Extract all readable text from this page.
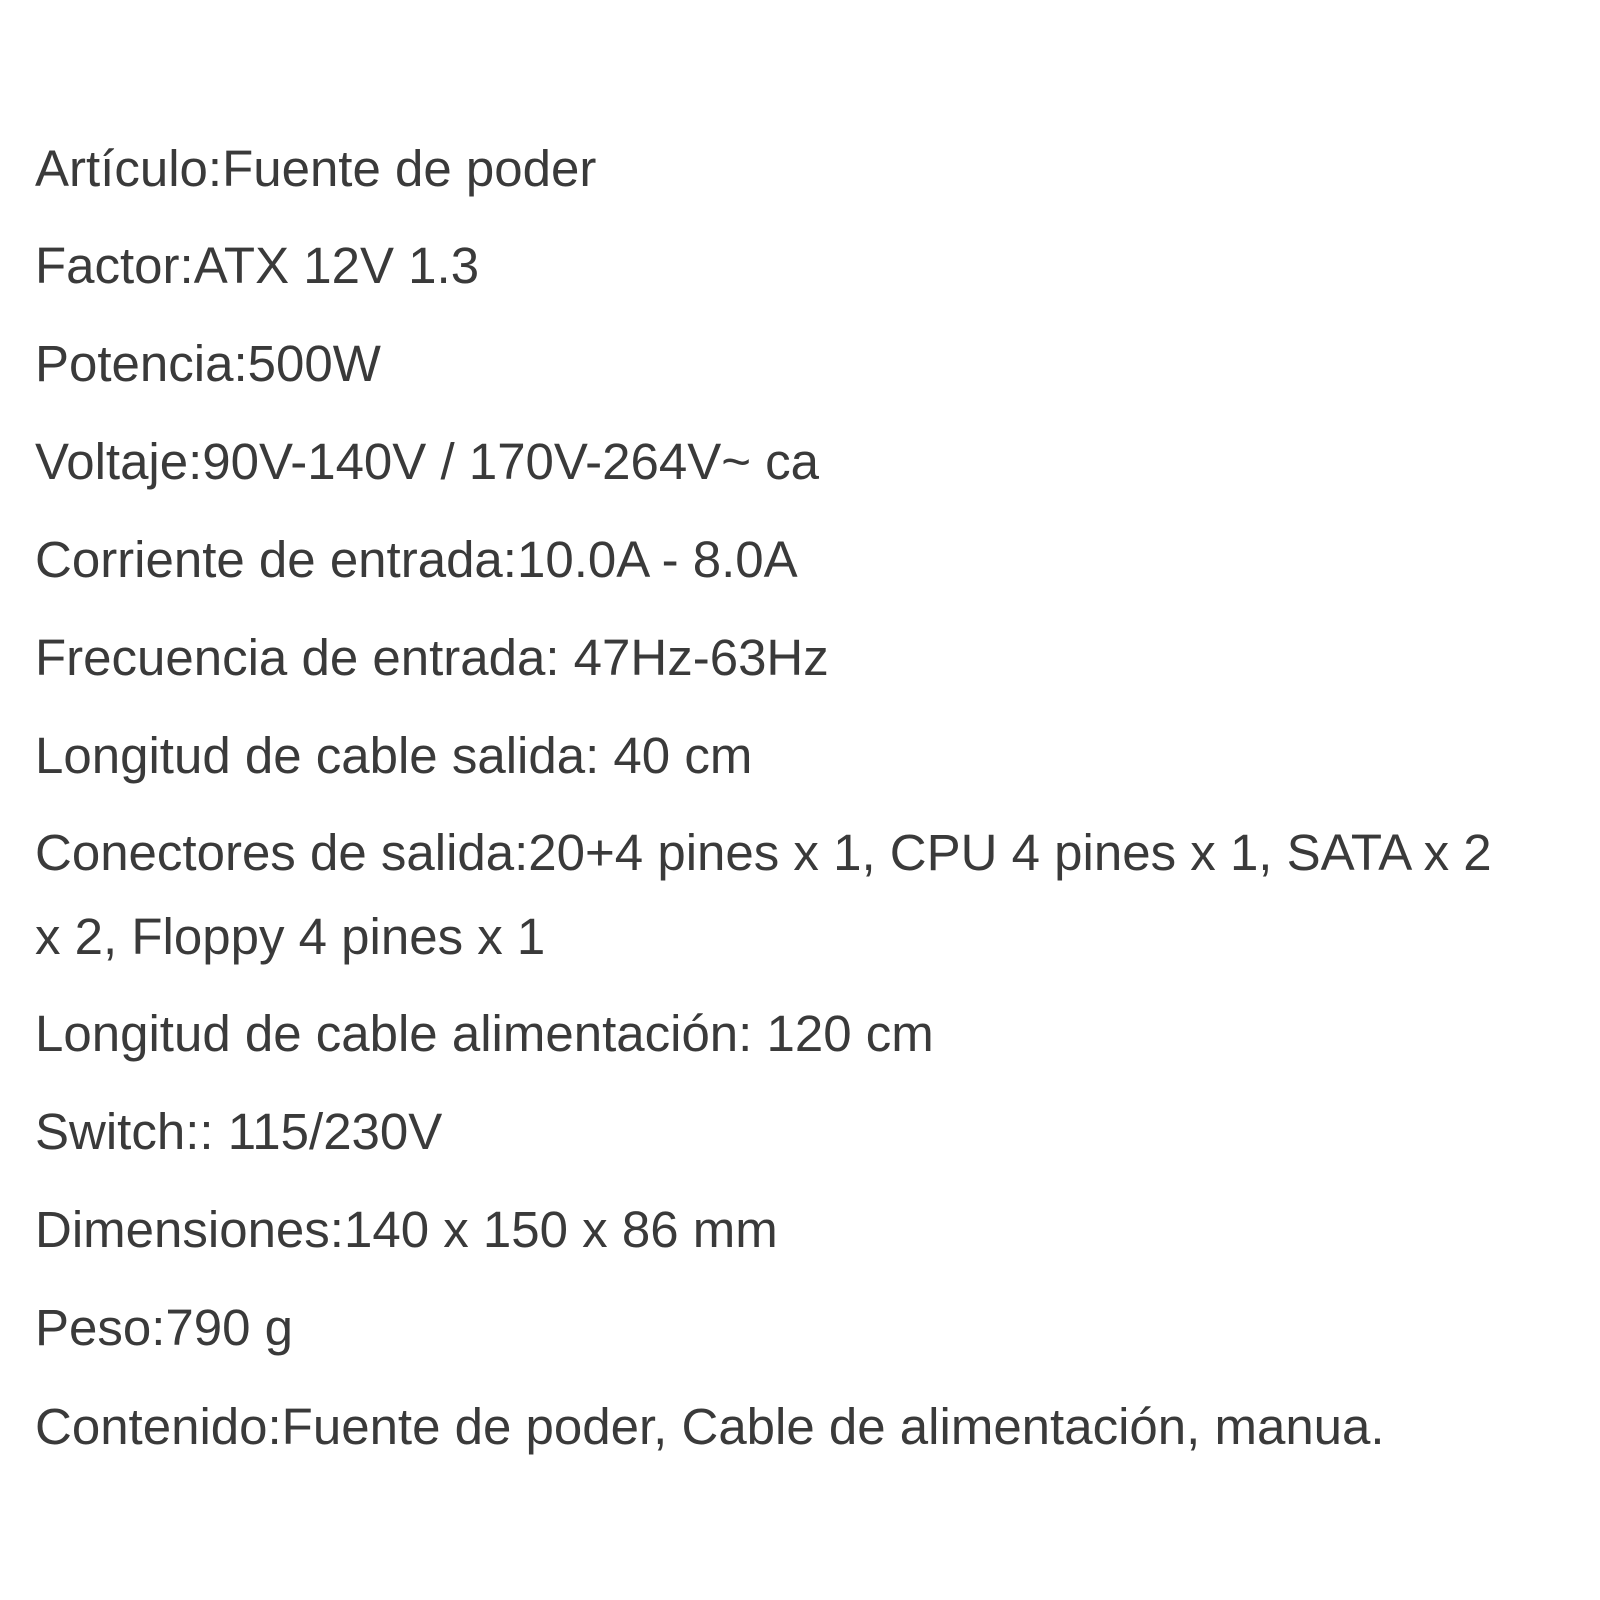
Artículo:Fuente de poder
Factor:ATX 12V 1.3
Potencia:500W
Voltaje:90V-140V / 170V-264V~ ca
Corriente de entrada:10.0A - 8.0A
Frecuencia de entrada: 47Hz-63Hz
Longitud de cable salida: 40 cm
Conectores de salida:20+4 pines x 1, CPU 4 pines x 1, SATA x 2
x 2, Floppy 4 pines x 1
Longitud de cable alimentación: 120 cm
Switch:: 115/230V
Dimensiones:140 x 150 x 86 mm
Peso:790 g
Contenido:Fuente de poder, Cable de alimentación, manua.
